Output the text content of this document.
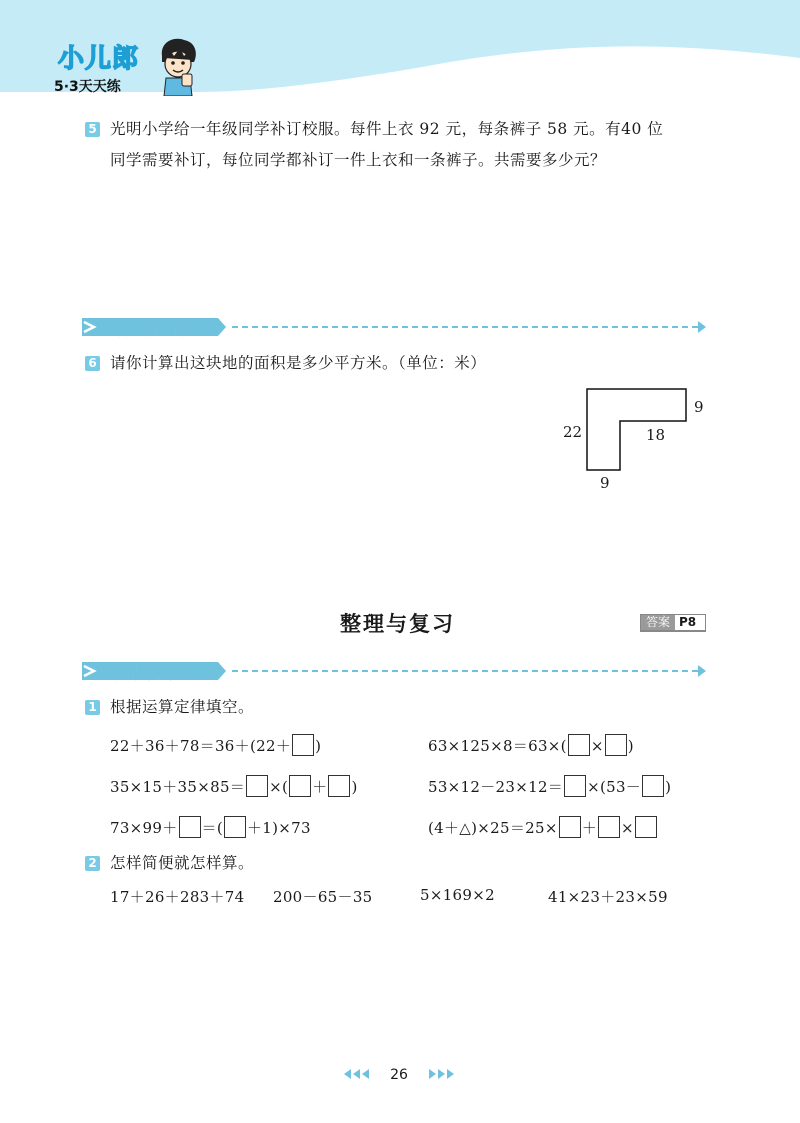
小儿郎
5·3天天练
5 光明小学给一年级同学补订校服。每件上衣 92 元，每条裤子 58 元。有40 位
同学需要补订，每位同学都补订一件上衣和一条裤子。共需要多少元？
智慧加油站
6 请你计算出这块地的面积是多少平方米。（单位：米）
22
9
18
9
整理与复习	答案 P8
知识演练场
1 根据运算定律填空。
22＋36＋78＝36＋(22＋ )	63×125×8＝63×( × )
35×15＋35×85＝ ×( ＋ )	53×12－23×12＝ ×(53－ )
73×99＋ ＝( ＋1)×73	(4＋△)×25＝25× ＋ ×
2 怎样简便就怎样算。
17＋26＋283＋74 200－65－35	5×169×2	41×23＋23×59
26
